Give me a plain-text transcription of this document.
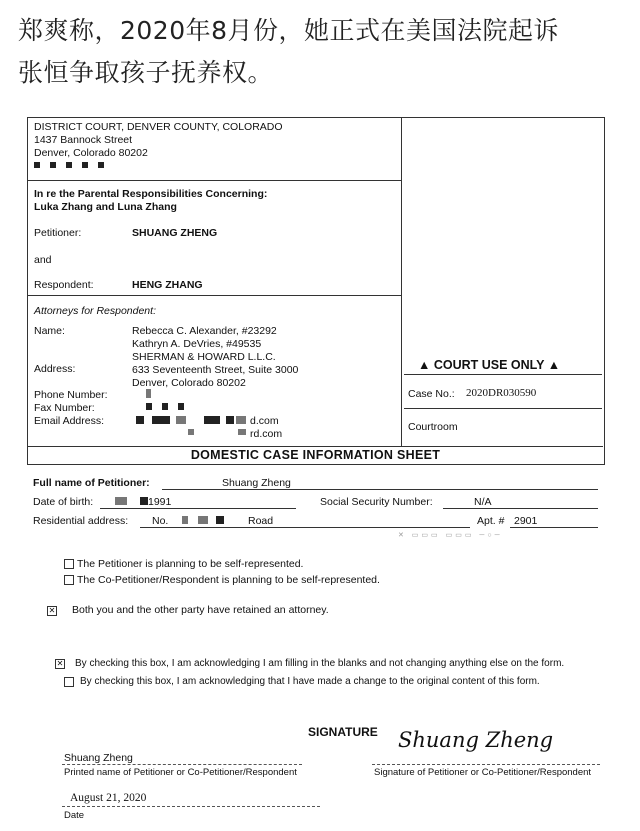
郑爽称，2020年8月份，她正式在美国法院起诉
张恒争取孩子抚养权。
DISTRICT COURT, DENVER COUNTY, COLORADO
1437 Bannock Street
Denver, Colorado 80202
In re the Parental Responsibilities Concerning:
Luka Zhang and Luna Zhang
Petitioner:	SHUANG ZHENG
and
Respondent:	HENG ZHANG
Attorneys for Respondent:
Name:	Rebecca C. Alexander, #23292
Kathryn A. DeVries, #49535
SHERMAN & HOWARD L.L.C.
Address:	633 Seventeenth Street, Suite 3000
Denver, Colorado 80202
Phone Number:
Fax Number:
Email Address:	d.com
rd.com
▲ COURT USE ONLY ▲
Case No.: 2020DR030590
Courtroom
DOMESTIC CASE INFORMATION SHEET
Full name of Petitioner:	Shuang Zheng
Date of birth:	1991	Social Security Number:	N/A
Residential address: No.	Road	Apt. # 2901
✕ ▭▭▭ ▭▭▭ ─○─
The Petitioner is planning to be self-represented.
The Co-Petitioner/Respondent is planning to be self-represented.
✕ Both you and the other party have retained an attorney.
✕ By checking this box, I am acknowledging I am filling in the blanks and not changing anything else on the form.
By checking this box, I am acknowledging that I have made a change to the original content of this form.
SIGNATURE Shuang Zheng
Shuang Zheng
Printed name of Petitioner or Co-Petitioner/Respondent	Signature of Petitioner or Co-Petitioner/Respondent
August 21, 2020
Date
